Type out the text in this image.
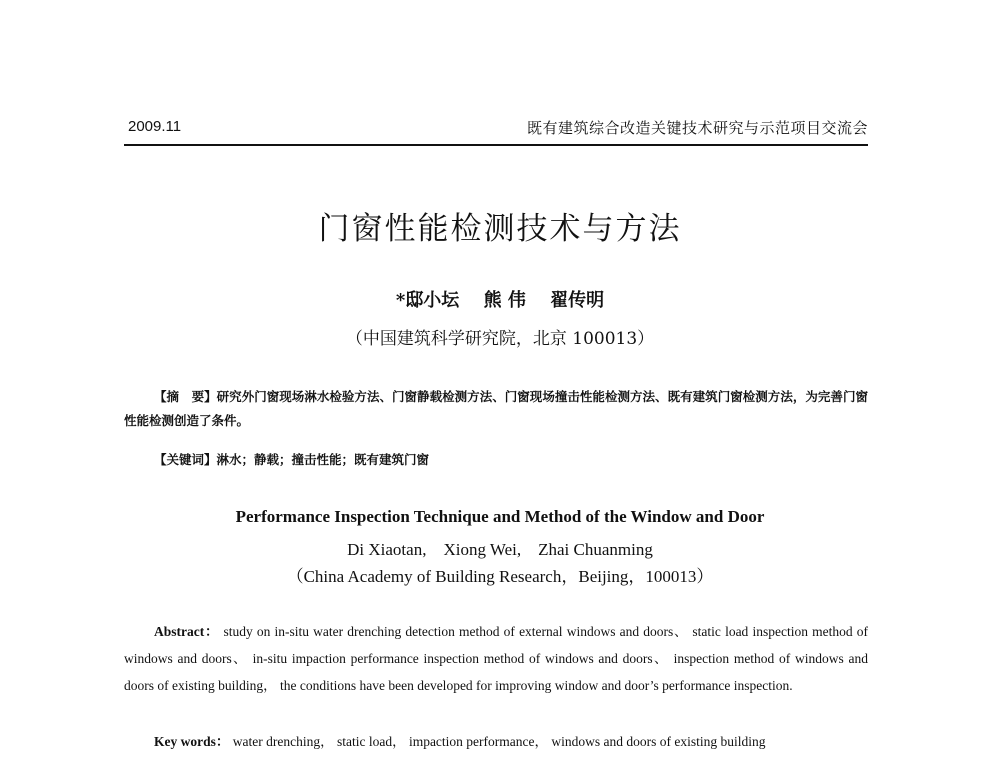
2009.11	既有建筑综合改造关键技术研究与示范项目交流会
门窗性能检测技术与方法
*邸小坛 熊 伟 翟传明
（中国建筑科学研究院，北京 100013）
【摘　要】研究外门窗现场淋水检验方法、门窗静载检测方法、门窗现场撞击性能检测方法、既有建筑门窗检测方法，为完善门窗性能检测创造了条件。
【关键词】淋水；静载；撞击性能；既有建筑门窗
Performance Inspection Technique and Method of the Window and Door
Di Xiaotan,　Xiong Wei,　Zhai Chuanming
（China Academy of Building Research，Beijing，100013）
Abstract： study on in-situ water drenching detection method of external windows and doors、 static load inspection method of windows and doors、 in-situ impaction performance inspection method of windows and doors、 inspection method of windows and doors of existing building， the conditions have been developed for improving window and door’s performance inspection.
Key words： water drenching， static load， impaction performance， windows and doors of existing building
